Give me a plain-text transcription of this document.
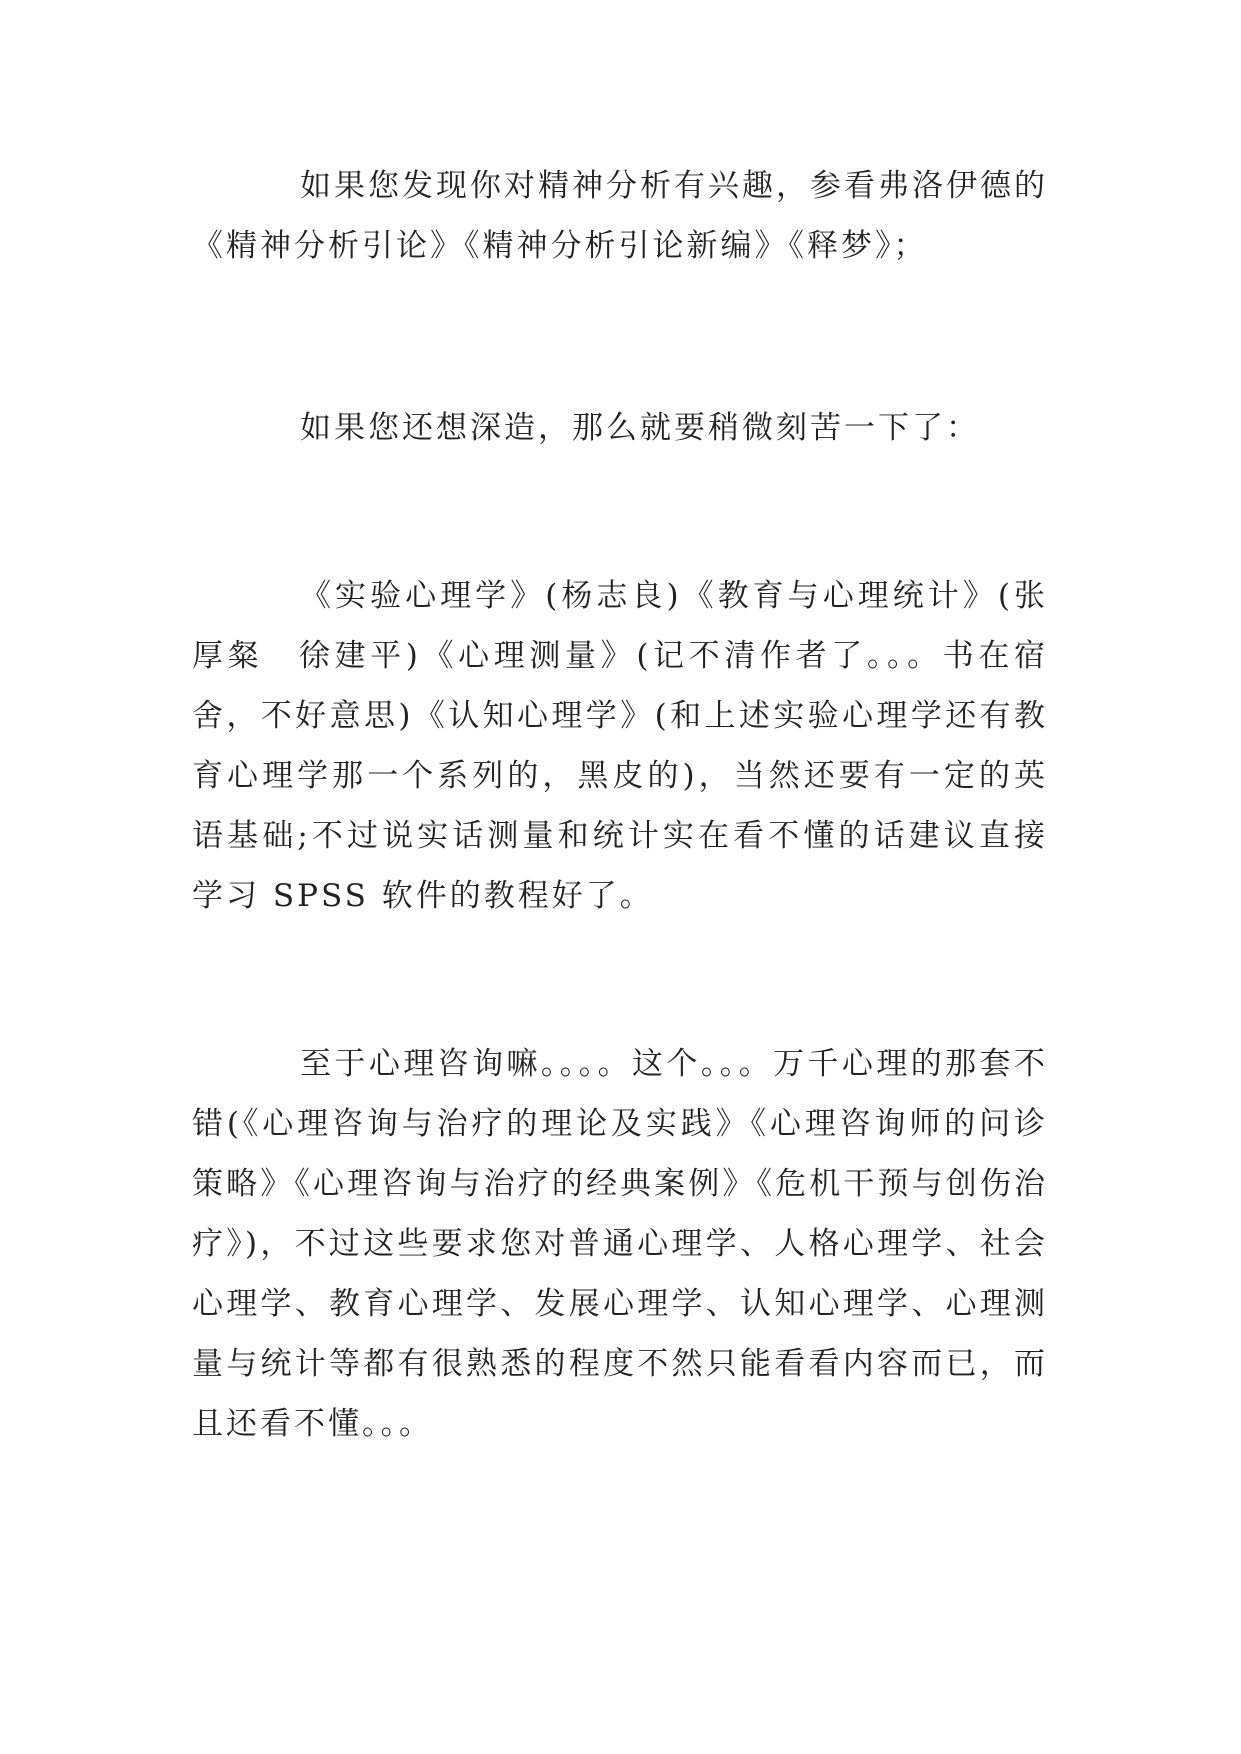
如果您发现你对精神分析有兴趣，参看弗洛伊德的《精神分析引论》《精神分析引论新编》《释梦》；

如果您还想深造，那么就要稍微刻苦一下了：

《实验心理学》(杨志良)《教育与心理统计》(张厚粲　徐建平)《心理测量》(记不清作者了。。。书在宿舍，不好意思)《认知心理学》(和上述实验心理学还有教育心理学那一个系列的，黑皮的)，当然还要有一定的英语基础;不过说实话测量和统计实在看不懂的话建议直接学习 SPSS 软件的教程好了。

至于心理咨询嘛。。。。这个。。。万千心理的那套不错(《心理咨询与治疗的理论及实践》《心理咨询师的问诊策略》《心理咨询与治疗的经典案例》《危机干预与创伤治疗》)，不过这些要求您对普通心理学、人格心理学、社会心理学、教育心理学、发展心理学、认知心理学、心理测量与统计等都有很熟悉的程度不然只能看看内容而已，而且还看不懂。。。
